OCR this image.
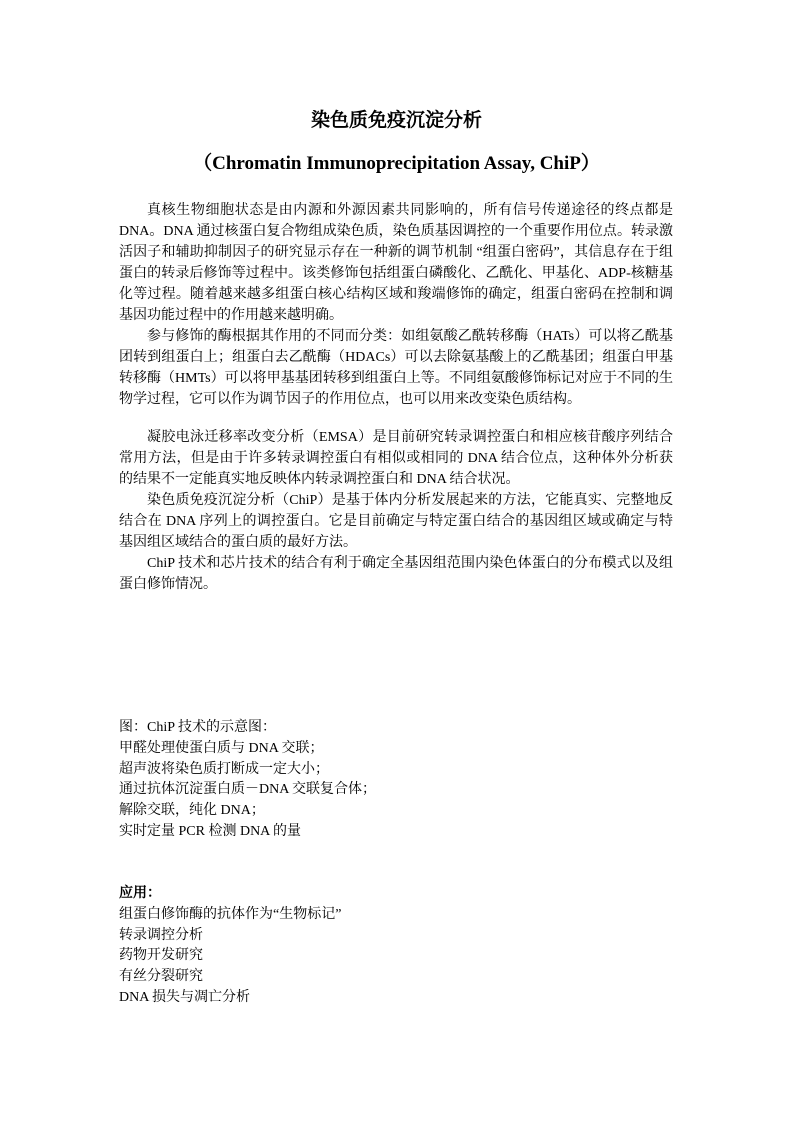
染色质免疫沉淀分析
（Chromatin Immunoprecipitation Assay, ChiP）
真核生物细胞状态是由内源和外源因素共同影响的，所有信号传递途径的终点都是
DNA。DNA 通过核蛋白复合物组成染色质，染色质基因调控的一个重要作用位点。转录激
活因子和辅助抑制因子的研究显示存在一种新的调节机制 “组蛋白密码”，其信息存在于组
蛋白的转录后修饰等过程中。该类修饰包括组蛋白磷酸化、乙酰化、甲基化、ADP-核糖基
化等过程。随着越来越多组蛋白核心结构区域和羧端修饰的确定，组蛋白密码在控制和调
基因功能过程中的作用越来越明确。
参与修饰的酶根据其作用的不同而分类：如组氨酸乙酰转移酶（HATs）可以将乙酰基
团转到组蛋白上；组蛋白去乙酰酶（HDACs）可以去除氨基酸上的乙酰基团；组蛋白甲基
转移酶（HMTs）可以将甲基基团转移到组蛋白上等。不同组氨酸修饰标记对应于不同的生
物学过程，它可以作为调节因子的作用位点，也可以用来改变染色质结构。
凝胶电泳迁移率改变分析（EMSA）是目前研究转录调控蛋白和相应核苷酸序列结合
常用方法，但是由于许多转录调控蛋白有相似或相同的 DNA 结合位点，这种体外分析获
的结果不一定能真实地反映体内转录调控蛋白和 DNA 结合状况。
染色质免疫沉淀分析（ChiP）是基于体内分析发展起来的方法，它能真实、完整地反
结合在 DNA 序列上的调控蛋白。它是目前确定与特定蛋白结合的基因组区域或确定与特
基因组区域结合的蛋白质的最好方法。
ChiP 技术和芯片技术的结合有利于确定全基因组范围内染色体蛋白的分布模式以及组
蛋白修饰情况。
图：ChiP 技术的示意图：
甲醛处理使蛋白质与 DNA 交联；
超声波将染色质打断成一定大小；
通过抗体沉淀蛋白质－DNA 交联复合体；
解除交联，纯化 DNA；
实时定量 PCR 检测 DNA 的量
应用：
组蛋白修饰酶的抗体作为“生物标记”
转录调控分析
药物开发研究
有丝分裂研究
DNA 损失与凋亡分析
